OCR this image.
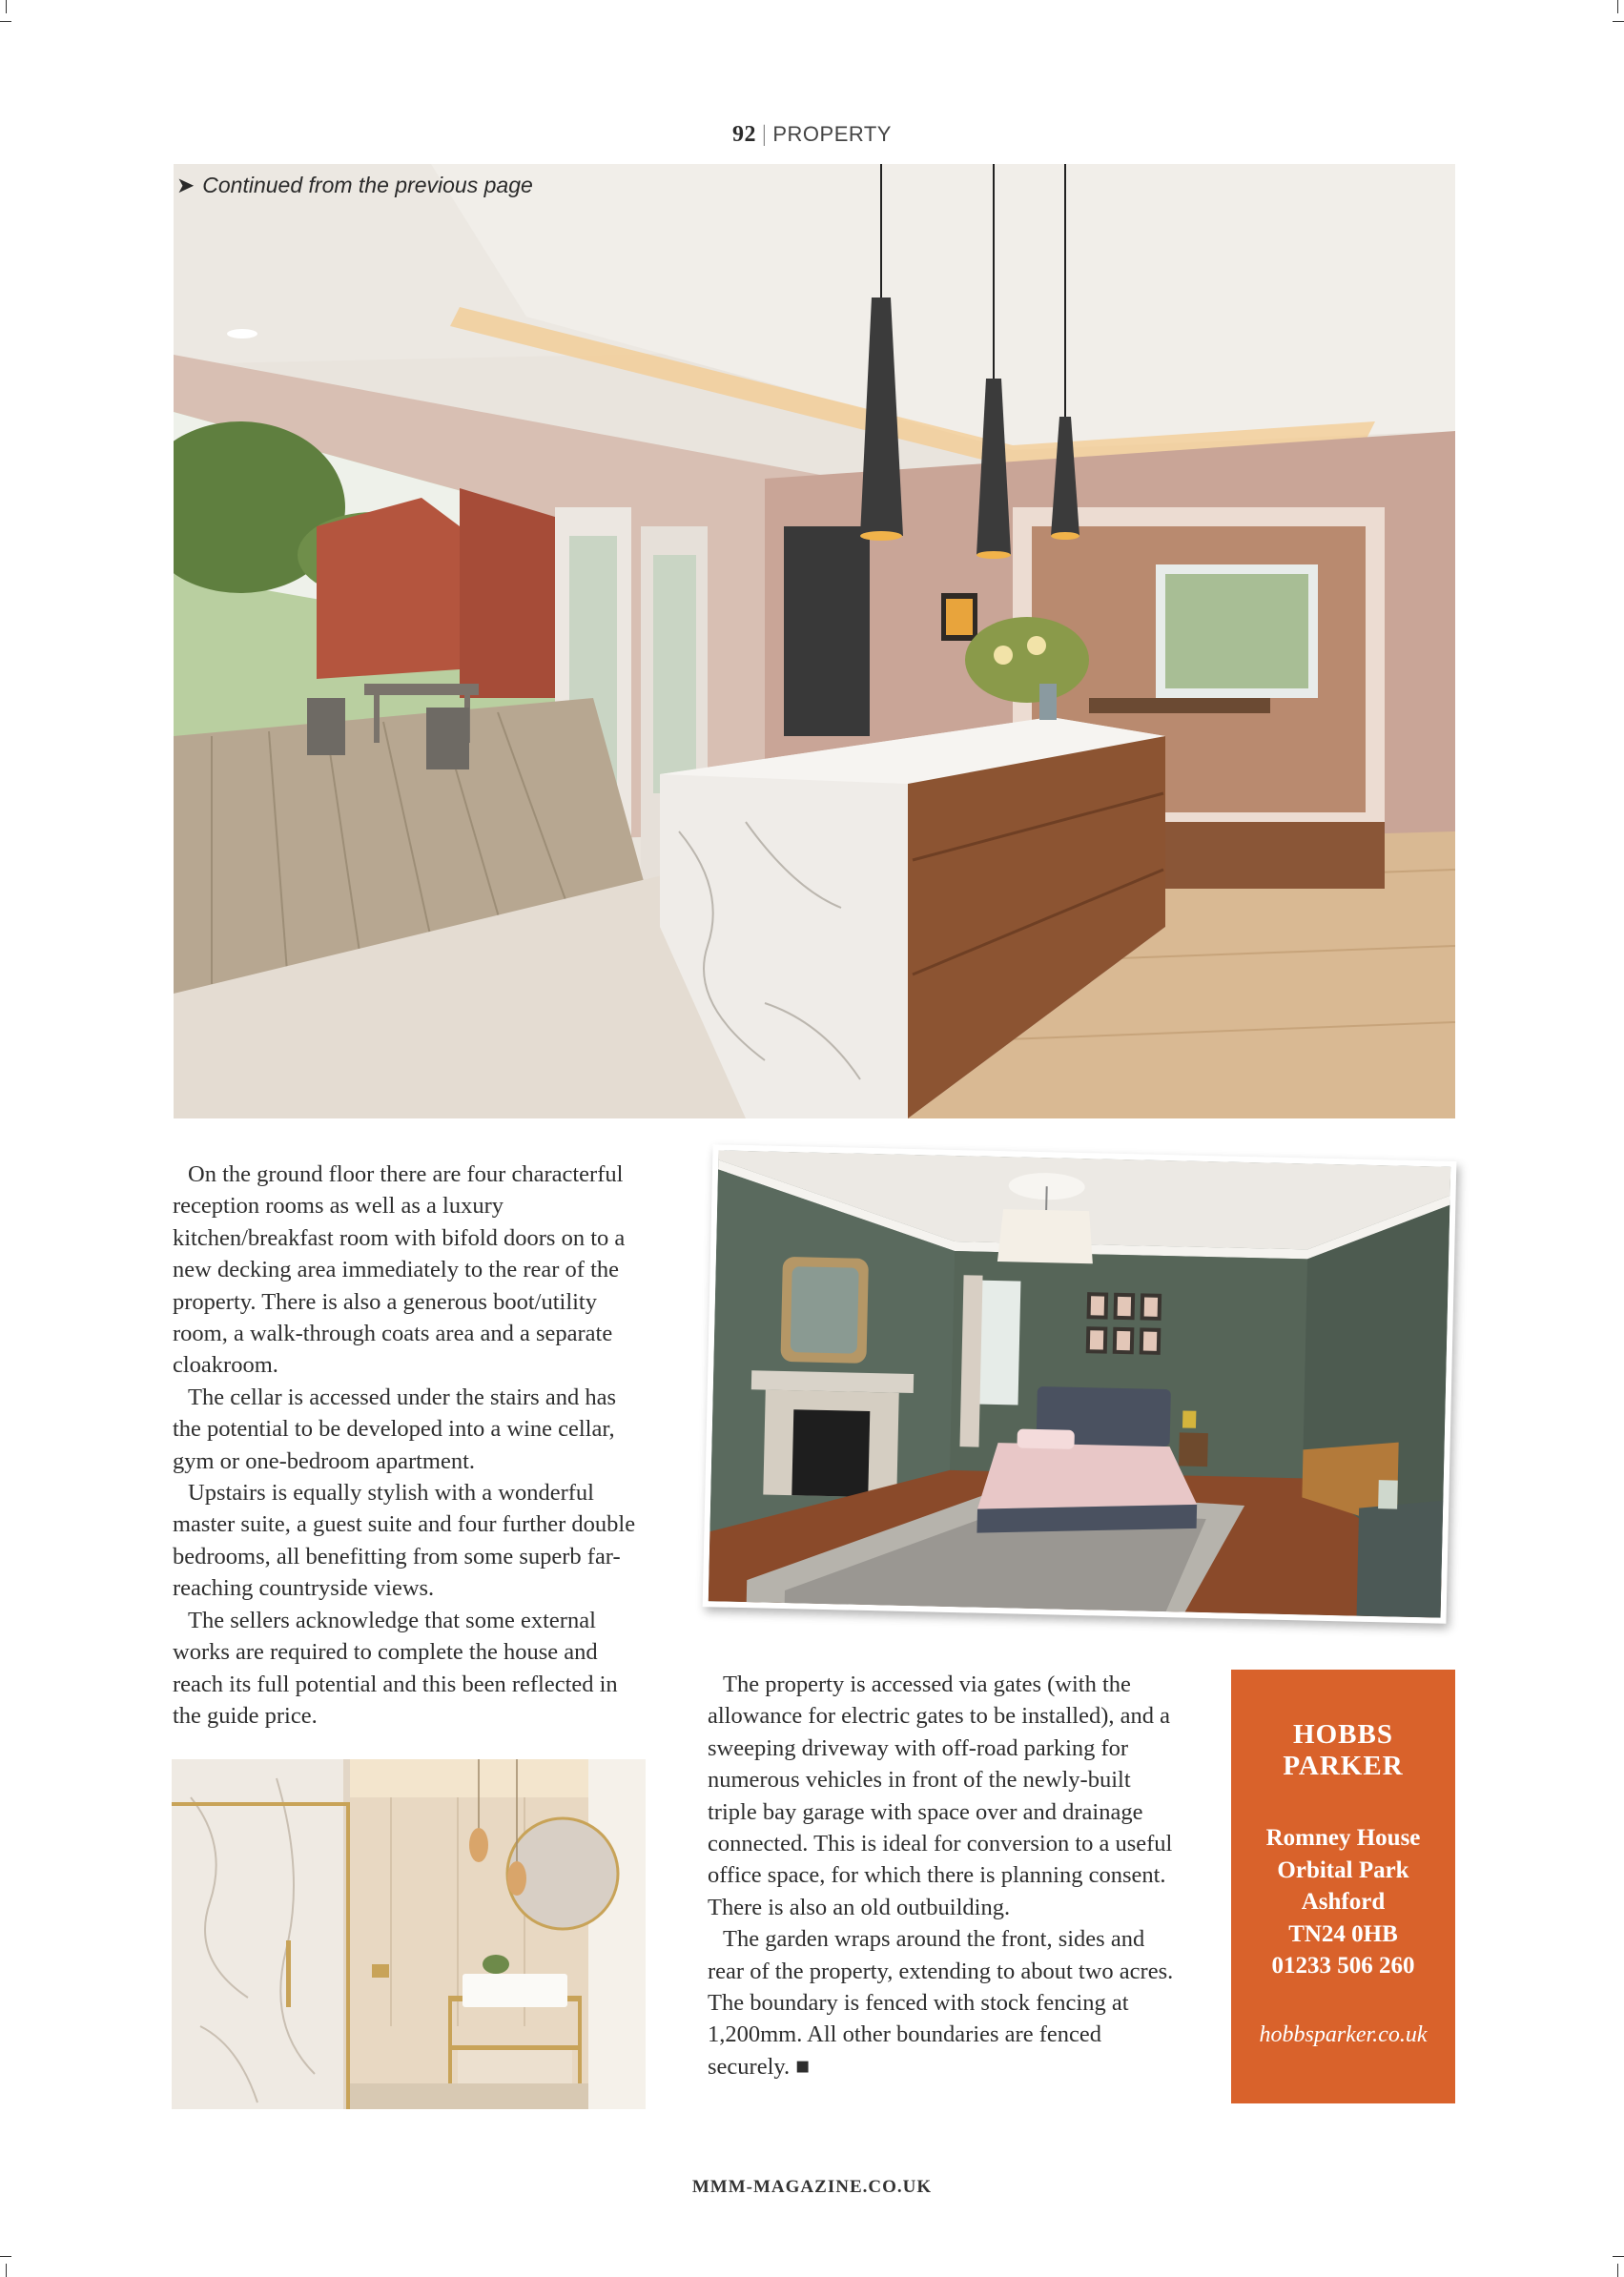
92 | PROPERTY
➤ Continued from the previous page

On the ground floor there are four characterful reception rooms as well as a luxury kitchen/breakfast room with bifold doors on to a new decking area immediately to the rear of the property. There is also a generous boot/utility room, a walk-through coats area and a separate cloakroom.

The cellar is accessed under the stairs and has the potential to be developed into a wine cellar, gym or one-bedroom apartment.

Upstairs is equally stylish with a wonderful master suite, a guest suite and four further double bedrooms, all benefitting from some superb far-reaching countryside views.

The sellers acknowledge that some external works are required to complete the house and reach its full potential and this been reflected in the guide price.

The property is accessed via gates (with the allowance for electric gates to be installed), and a sweeping driveway with off-road parking for numerous vehicles in front of the newly-built triple bay garage with space over and drainage connected. This is ideal for conversion to a useful office space, for which there is planning consent. There is also an old outbuilding.

The garden wraps around the front, sides and rear of the property, extending to about two acres. The boundary is fenced with stock fencing at 1,200mm. All other boundaries are fenced securely. ■

HOBBS
PARKER
Romney House
Orbital Park
Ashford
TN24 0HB
01233 506 260
hobbsparker.co.uk
MMM-MAGAZINE.CO.UK
